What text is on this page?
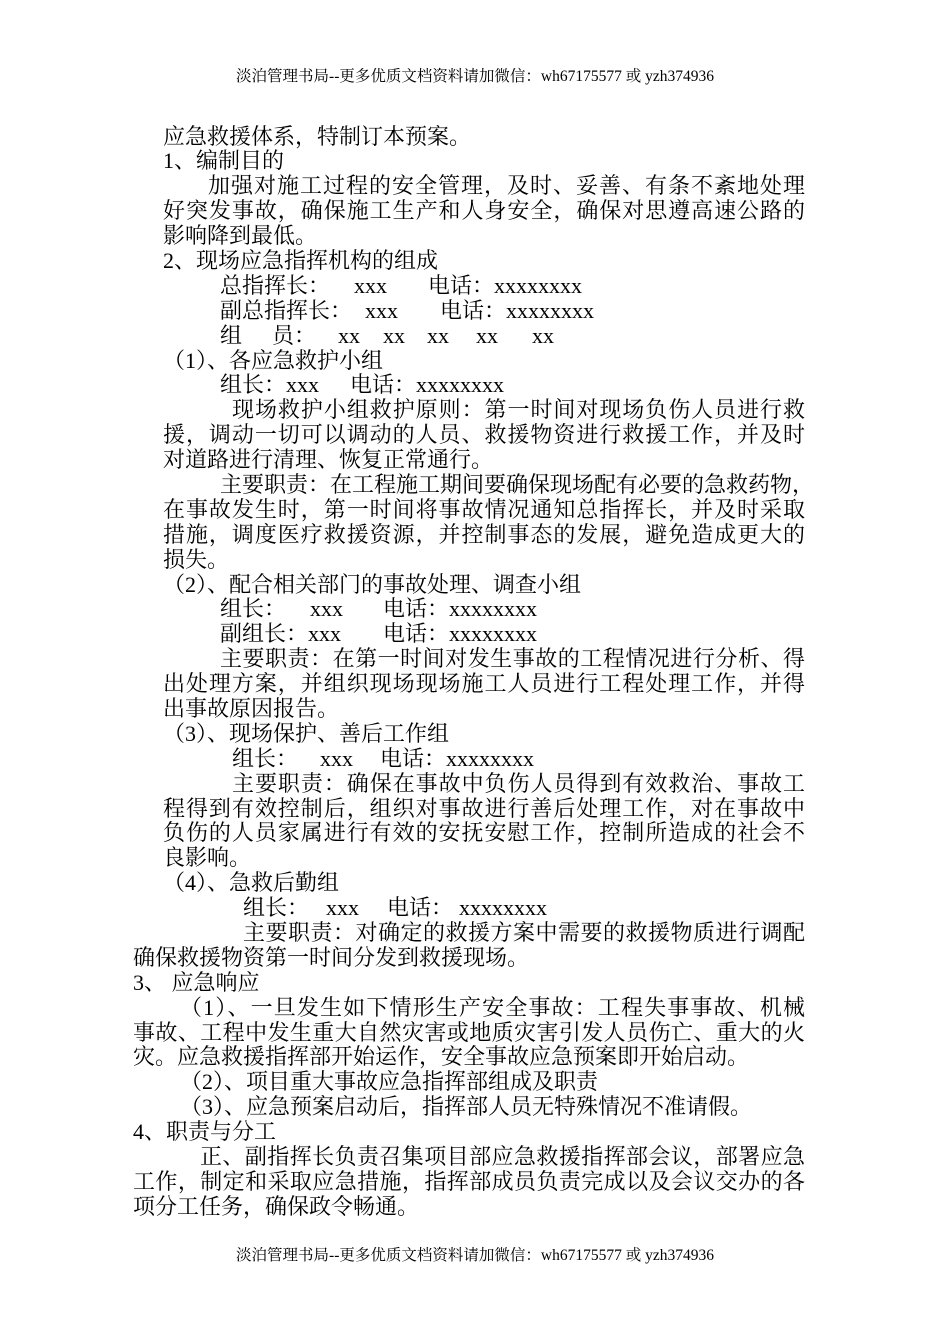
淡泊管理书局--更多优质文档资料请加微信：wh67175577 或 yzh374936
应急救援体系，特制订本预案。
1、编制目的
加强对施工过程的安全管理，及时、妥善、有条不紊地处理
好突发事故，确保施工生产和人身安全，确保对思遵高速公路的
影响降到最低。
2、现场应急指挥机构的组成
总指挥长： xxx 电话：xxxxxxxx
副总指挥长： xxx 电话：xxxxxxxx
组 员： xx xx xx xx xx
（1）、各应急救护小组
组长：xxx 电话：xxxxxxxx
现场救护小组救护原则：第一时间对现场负伤人员进行救
援，调动一切可以调动的人员、救援物资进行救援工作，并及时
对道路进行清理、恢复正常通行。
主要职责：在工程施工期间要确保现场配有必要的急救药物，
在事故发生时，第一时间将事故情况通知总指挥长，并及时采取
措施，调度医疗救援资源，并控制事态的发展，避免造成更大的
损失。
（2）、配合相关部门的事故处理、调查小组
组长： xxx 电话：xxxxxxxx
副组长：xxx 电话：xxxxxxxx
主要职责：在第一时间对发生事故的工程情况进行分析、得
出处理方案，并组织现场现场施工人员进行工程处理工作，并得
出事故原因报告。
（3）、现场保护、善后工作组
组长： xxx 电话：xxxxxxxx
主要职责：确保在事故中负伤人员得到有效救治、事故工
程得到有效控制后，组织对事故进行善后处理工作，对在事故中
负伤的人员家属进行有效的安抚安慰工作，控制所造成的社会不
良影响。
（4）、急救后勤组
组长： xxx 电话： xxxxxxxx
主要职责：对确定的救援方案中需要的救援物质进行调配
确保救援物资第一时间分发到救援现场。
3、 应急响应
（1）、一旦发生如下情形生产安全事故：工程失事事故、机械
事故、工程中发生重大自然灾害或地质灾害引发人员伤亡、重大的火
灾。应急救援指挥部开始运作，安全事故应急预案即开始启动。
（2）、项目重大事故应急指挥部组成及职责
（3）、应急预案启动后，指挥部人员无特殊情况不准请假。
4、职责与分工
正、副指挥长负责召集项目部应急救援指挥部会议，部署应急
工作，制定和采取应急措施，指挥部成员负责完成以及会议交办的各
项分工任务，确保政令畅通。
淡泊管理书局--更多优质文档资料请加微信：wh67175577 或 yzh374936
